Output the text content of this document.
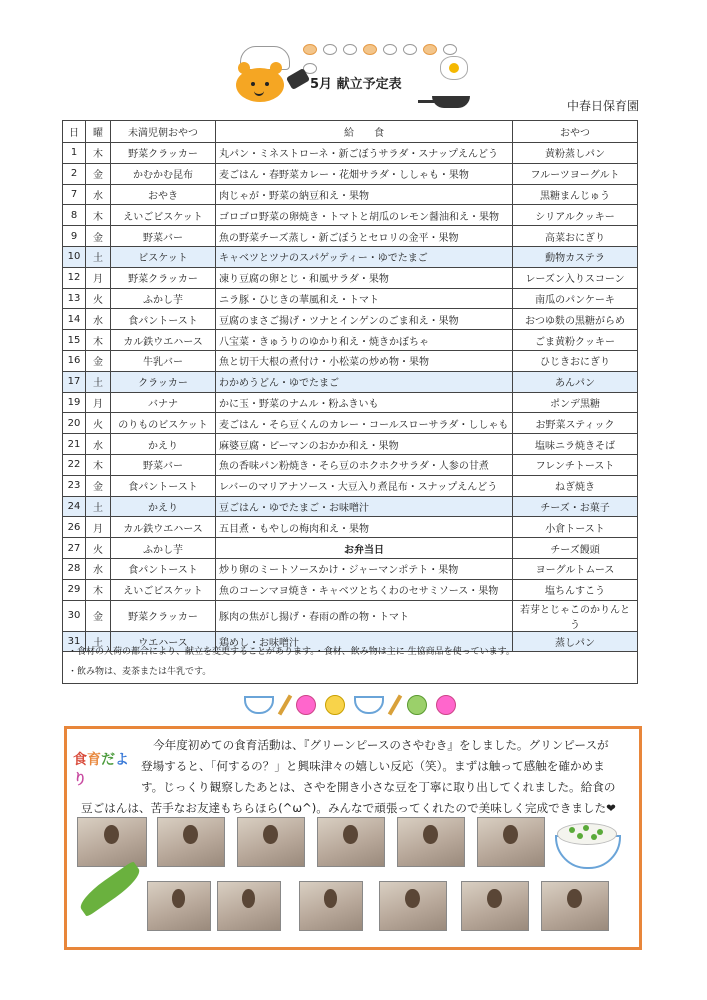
5月 献立予定表
中春日保育園
日	曜	未満児朝おやつ	給　　食	おやつ
1	木	野菜クラッカー	丸パン・ミネストローネ・新ごぼうサラダ・スナップえんどう	黄粉蒸しパン
2	金	かむかむ昆布	麦ごはん・春野菜カレー・花畑サラダ・ししゃも・果物	フルーツヨーグルト
7	水	おやき	肉じゃが・野菜の納豆和え・果物	黒糖まんじゅう
8	木	えいごビスケット	ゴロゴロ野菜の卵焼き・トマトと胡瓜のレモン醤油和え・果物	シリアルクッキー
9	金	野菜バー	魚の野菜チーズ蒸し・新ごぼうとセロリの金平・果物	高菜おにぎり
10	土	ビスケット	キャベツとツナのスパゲッティー・ゆでたまご	動物カステラ
12	月	野菜クラッカー	凍り豆腐の卵とじ・和風サラダ・果物	レーズン入りスコーン
13	火	ふかし芋	ニラ豚・ひじきの華風和え・トマト	南瓜のパンケーキ
14	水	食パントースト	豆腐のまさご揚げ・ツナとインゲンのごま和え・果物	おつゆ麩の黒糖がらめ
15	木	カル鉄ウエハース	八宝菜・きゅうりのゆかり和え・焼きかぼちゃ	ごま黄粉クッキー
16	金	牛乳バー	魚と切干大根の煮付け・小松菜の炒め物・果物	ひじきおにぎり
17	土	クラッカー	わかめうどん・ゆでたまご	あんパン
19	月	バナナ	かに玉・野菜のナムル・粉ふきいも	ポンデ黒糖
20	火	のりものビスケット	麦ごはん・そら豆くんのカレー・コールスローサラダ・ししゃも	お野菜スティック
21	水	かえり	麻婆豆腐・ピーマンのおかか和え・果物	塩味ニラ焼きそば
22	木	野菜バー	魚の香味パン粉焼き・そら豆のホクホクサラダ・人参の甘煮	フレンチトースト
23	金	食パントースト	レバーのマリアナソース・大豆入り煮昆布・スナップえんどう	ねぎ焼き
24	土	かえり	豆ごはん・ゆでたまご・お味噌汁	チーズ・お菓子
26	月	カル鉄ウエハース	五目煮・もやしの梅肉和え・果物	小倉トースト
27	火	ふかし芋	お弁当日	チーズ饅頭
28	水	食パントースト	炒り卵のミートソースかけ・ジャーマンポテト・果物	ヨーグルトムース
29	木	えいごビスケット	魚のコーンマヨ焼き・キャベツとちくわのセサミソース・果物	塩ちんすこう
30	金	野菜クラッカー	豚肉の焦がし揚げ・春雨の酢の物・トマト	若芽とじゃこのかりんとう
31	土	ウエハース	鶏めし・お味噌汁	蒸しパン
・食材の入荷の都合により、献立を変更することがあります。・食材、飲み物は主に 生協商品を使っています。
・飲み物は、麦茶または牛乳です。

食育だより
今年度初めての食育活動は、『グリーンピースのさやむき』をしました。グリンピースが
登場すると、「何するの？」と興味津々の嬉しい反応（笑）。まずは触って感触を確かめま
す。じっくり観察したあとは、さやを開き小さな豆を丁寧に取り出してくれました。給食の
豆ごはんは、苦手なお友達もちらほら(^ω^)。みんなで頑張ってくれたので美味しく完成できました❤
